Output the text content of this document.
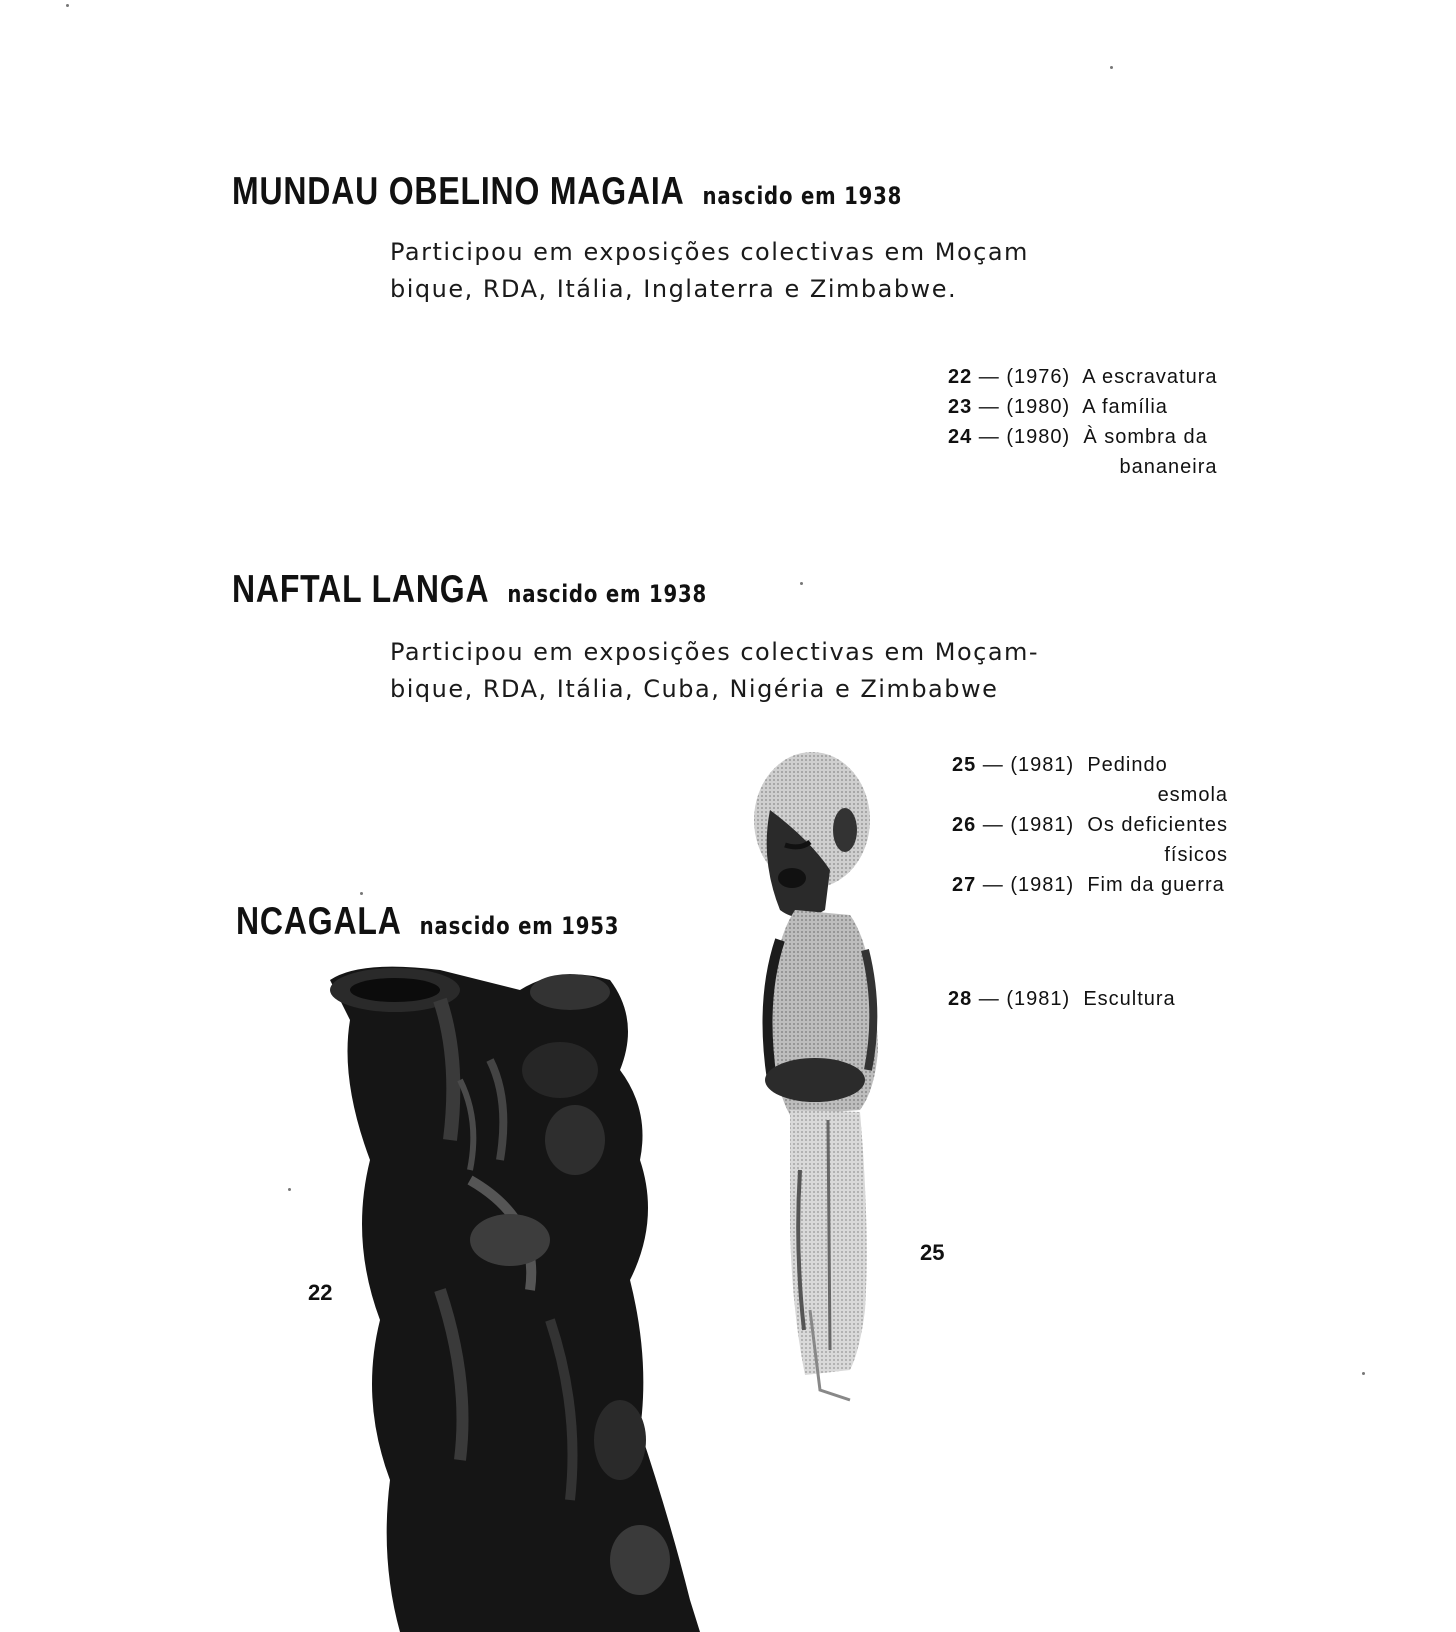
MUNDAU OBELINO MAGAIA nascido em 1938

Participou em exposições colectivas em Moçam
bique, RDA, Itália, Inglaterra e Zimbabwe.

22 — (1976) A escravatura
23 — (1980) A família
24 — (1980) À sombra da
bananeira
NAFTAL LANGA nascido em 1938

Participou em exposições colectivas em Moçam-
bique, RDA, Itália, Cuba, Nigéria e Zimbabwe

25 — (1981) Pedindo
esmola
26 — (1981) Os deficientes
físicos
27 — (1981) Fim da guerra
NCAGALA nascido em 1953
28 — (1981) Escultura
22
25
